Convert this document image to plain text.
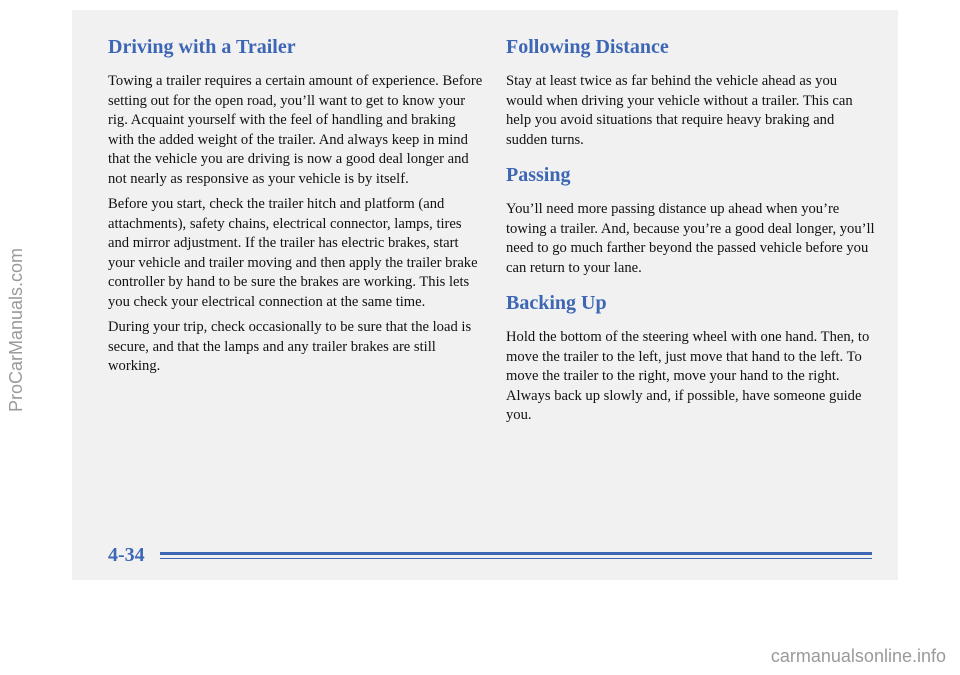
ProCarManuals.com
Driving with a Trailer

Towing a trailer requires a certain amount of experience. Before setting out for the open road, you’ll want to get to know your rig. Acquaint yourself with the feel of handling and braking with the added weight of the trailer. And always keep in mind that the vehicle you are driving is now a good deal longer and not nearly as responsive as your vehicle is by itself.

Before you start, check the trailer hitch and platform (and attachments), safety chains, electrical connector, lamps, tires and mirror adjustment. If the trailer has electric brakes, start your vehicle and trailer moving and then apply the trailer brake controller by hand to be sure the brakes are working. This lets you check your electrical connection at the same time.

During your trip, check occasionally to be sure that the load is secure, and that the lamps and any trailer brakes are still working.

Following Distance

Stay at least twice as far behind the vehicle ahead as you would when driving your vehicle without a trailer. This can help you avoid situations that require heavy braking and sudden turns.

Passing

You’ll need more passing distance up ahead when you’re towing a trailer. And, because you’re a good deal longer, you’ll need to go much farther beyond the passed vehicle before you can return to your lane.

Backing Up

Hold the bottom of the steering wheel with one hand. Then, to move the trailer to the left, just move that hand to the left. To move the trailer to the right, move your hand to the right. Always back up slowly and, if possible, have someone guide you.

4-34
carmanualsonline.info
